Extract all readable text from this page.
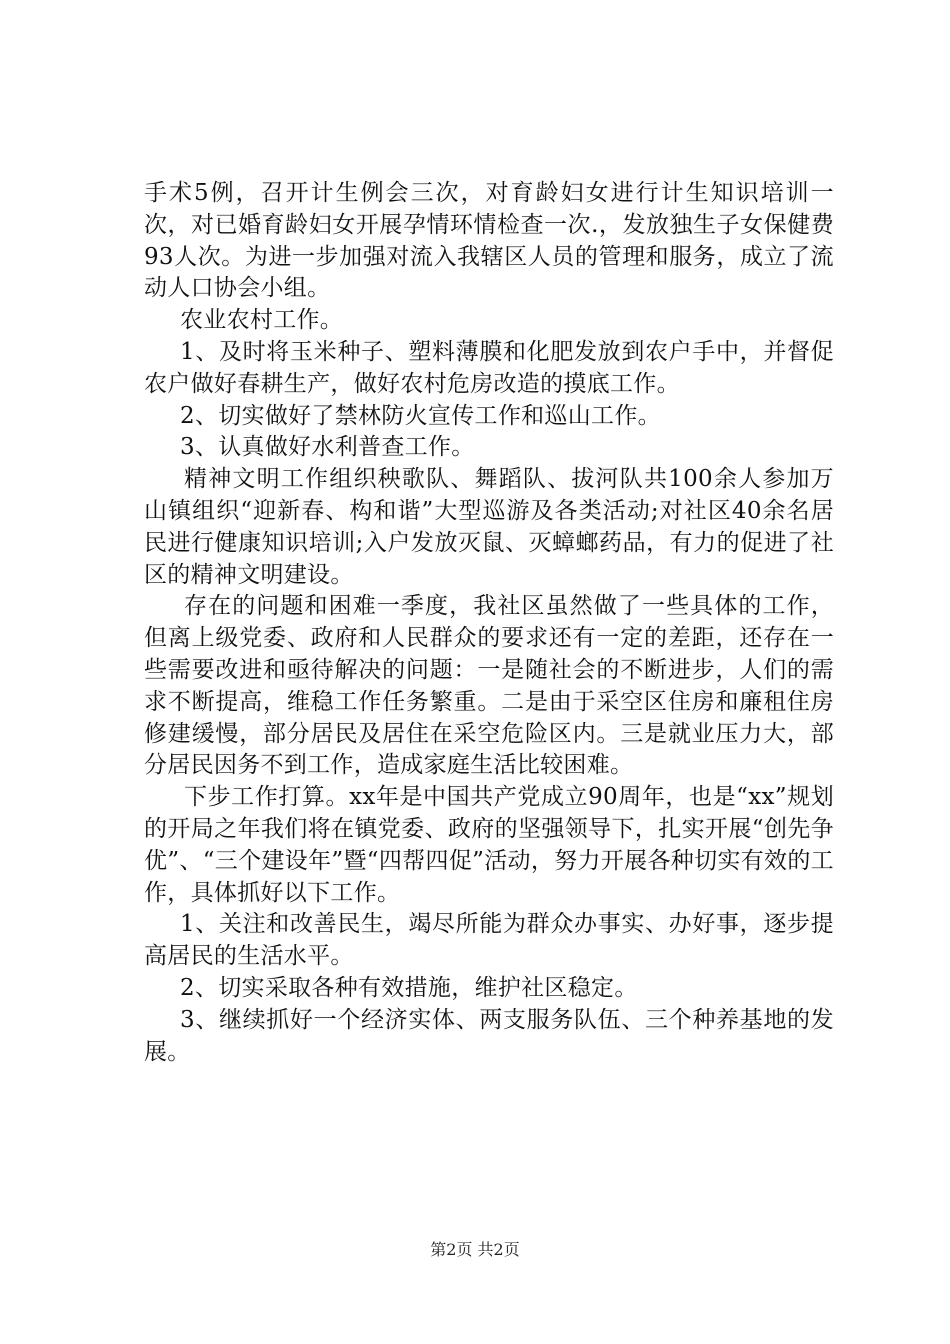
手术5例，召开计生例会三次，对育龄妇女进行计生知识培训一次，对已婚育龄妇女开展孕情环情检查一次.，发放独生子女保健费93人次。为进一步加强对流入我辖区人员的管理和服务，成立了流动人口协会小组。

农业农村工作。

1、及时将玉米种子、塑料薄膜和化肥发放到农户手中，并督促农户做好春耕生产，做好农村危房改造的摸底工作。

2、切实做好了禁林防火宣传工作和巡山工作。

3、认真做好水利普查工作。

精神文明工作组织秧歌队、舞蹈队、拔河队共100余人参加万山镇组织“迎新春、构和谐”大型巡游及各类活动;对社区40余名居民进行健康知识培训;入户发放灭鼠、灭蟑螂药品，有力的促进了社区的精神文明建设。

存在的问题和困难一季度，我社区虽然做了一些具体的工作，但离上级党委、政府和人民群众的要求还有一定的差距，还存在一些需要改进和亟待解决的问题：一是随社会的不断进步，人们的需求不断提高，维稳工作任务繁重。二是由于采空区住房和廉租住房修建缓慢，部分居民及居住在采空危险区内。三是就业压力大，部分居民因务不到工作，造成家庭生活比较困难。

下步工作打算。xx年是中国共产党成立90周年，也是“xx”规划的开局之年我们将在镇党委、政府的坚强领导下，扎实开展“创先争优”、“三个建设年”暨“四帮四促”活动，努力开展各种切实有效的工作，具体抓好以下工作。

1、关注和改善民生，竭尽所能为群众办事实、办好事，逐步提高居民的生活水平。

2、切实采取各种有效措施，维护社区稳定。

3、继续抓好一个经济实体、两支服务队伍、三个种养基地的发展。

第2页 共2页
